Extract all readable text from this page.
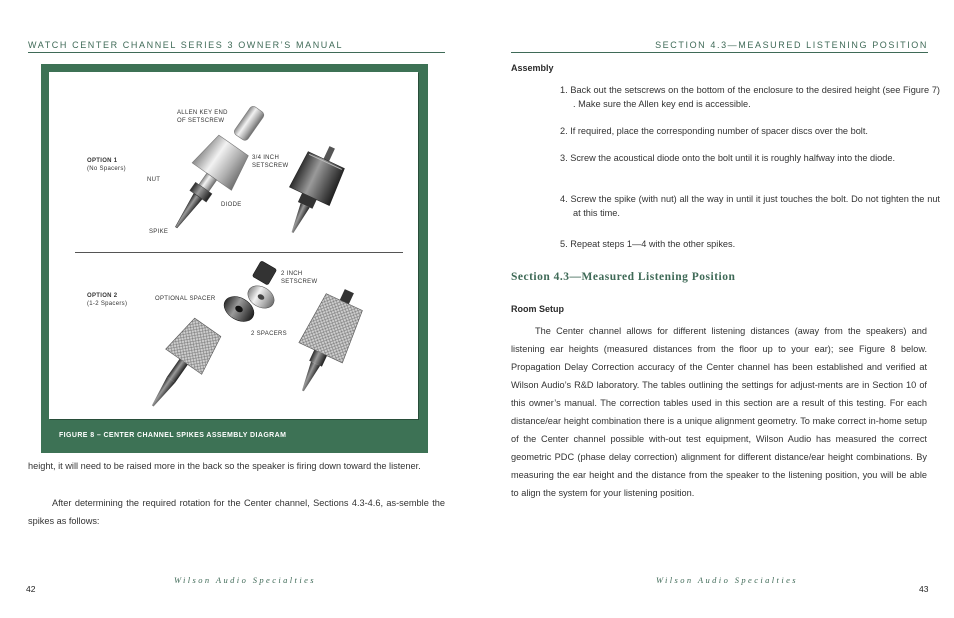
WATCH CENTER CHANNEL SERIES 3 OWNER’S MANUAL
ALLEN KEY END
OF SETSCREW
3/4 INCH
SETSCREW
OPTION 1
(No Spacers)
NUT
DIODE
SPIKE
2 INCH
SETSCREW
OPTION 2
(1-2 Spacers)
OPTIONAL SPACER
2 SPACERS
FIGURE 8 – CENTER CHANNEL SPIKES ASSEMBLY DIAGRAM

height, it will need to be raised more in the back so the speaker is firing down toward the listener.

After determining the required rotation for the Center channel, Sections 4.3-4.6, as-semble the spikes as follows:

Wilson Audio Specialties
42
SECTION 4.3—MEASURED LISTENING POSITION
Assembly
1. Back out the setscrews on the bottom of the enclosure to the desired height (see Figure 7) . Make sure the Allen key end is accessible.
2. If required, place the corresponding number of spacer discs over the bolt.
3. Screw the acoustical diode onto the bolt until it is roughly halfway into the diode.
4. Screw the spike (with nut) all the way in until it just touches the bolt. Do not tighten the nut at this time.
5. Repeat steps 1—4 with the other spikes.
Section 4.3—Measured Listening Position
Room Setup

The Center channel allows for different listening distances (away from the speakers) and listening ear heights (measured distances from the floor up to your ear); see Figure 8 below. Propagation Delay Correction accuracy of the Center channel has been established and verified at Wilson Audio’s R&D laboratory. The tables outlining the settings for adjust-ments are in Section 10 of this owner’s manual. The correction tables used in this section are a result of this testing. For each distance/ear height combination there is a unique alignment geometry. To make correct in-home setup of the Center channel possible with-out test equipment, Wilson Audio has measured the correct geometric PDC (phase delay correction) alignment for different distance/ear height combinations. By measuring the ear height and the distance from the speaker to the listening position, you will be able to align the system for your listening position.

Wilson Audio Specialties
43
